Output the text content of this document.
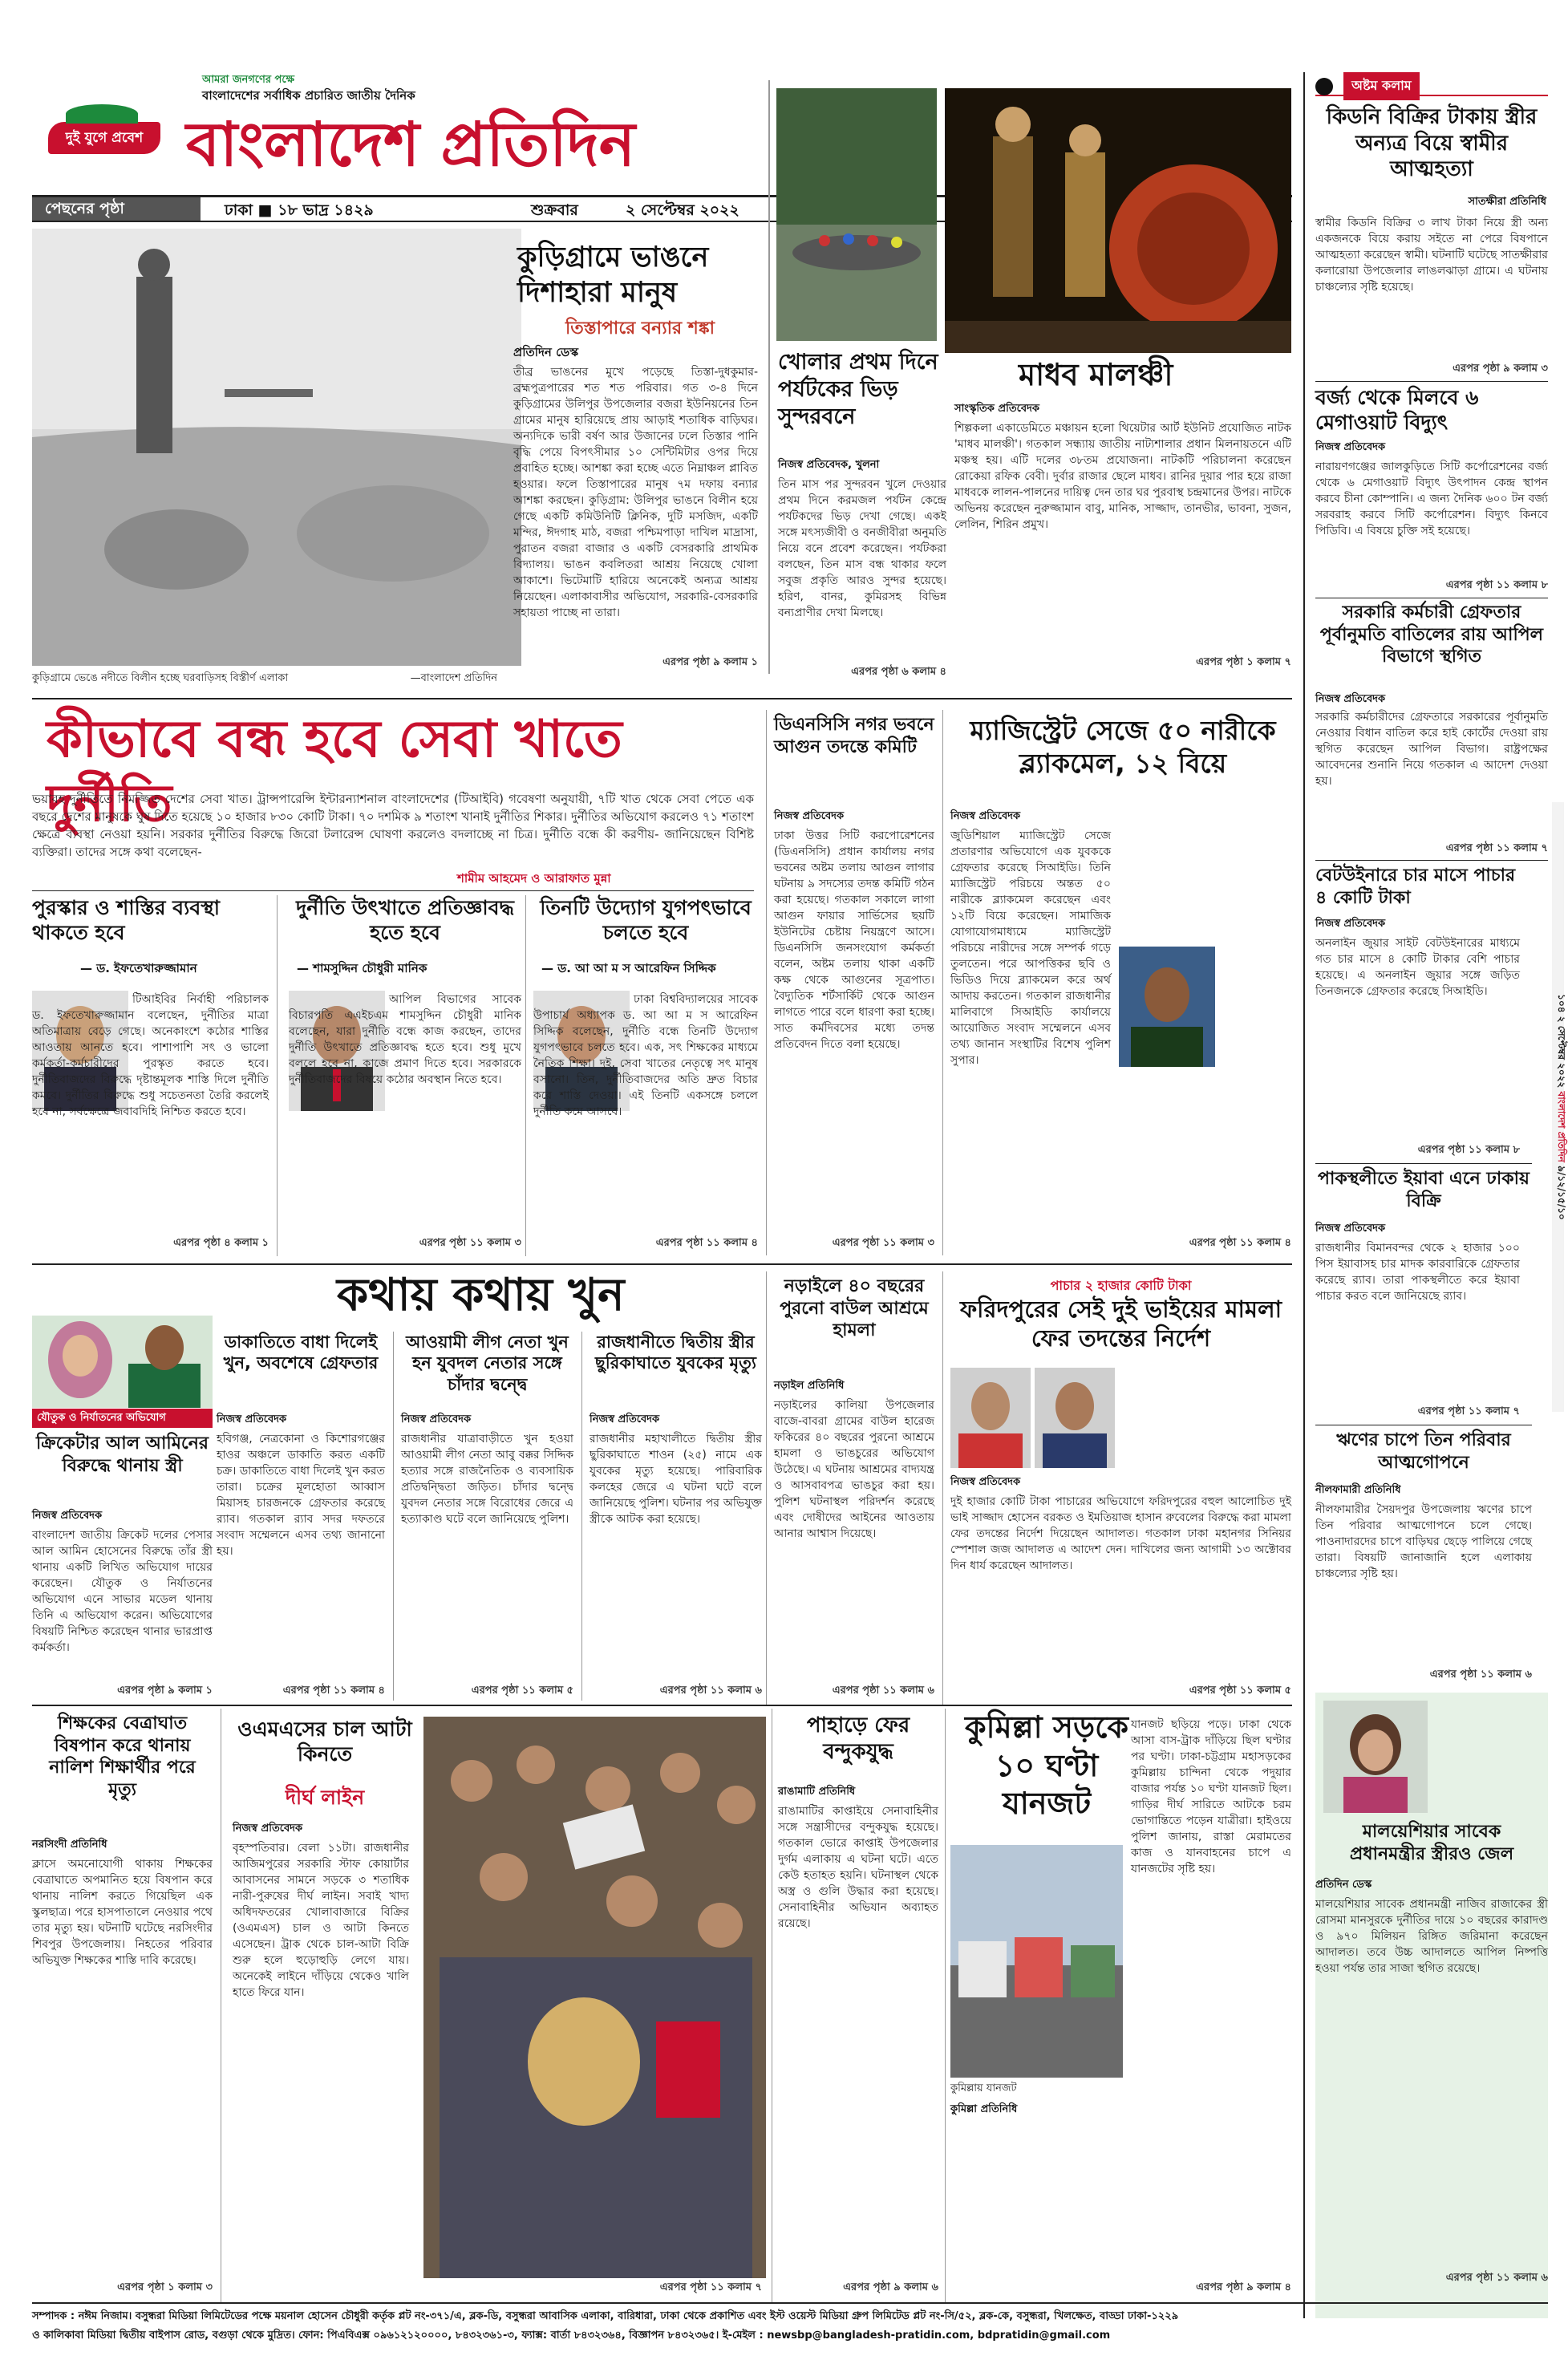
দুই যুগে প্রবেশ
আমরা জনগণের পক্ষে
বাংলাদেশের সর্বাধিক প্রচারিত জাতীয় দৈনিক
বাংলাদেশ প্রতিদিন
পেছনের পৃষ্ঠা	ঢাকা ■ ১৮ ভাদ্র ১৪২৯	শুক্রবার	২ সেপ্টেম্বর ২০২২
কুড়িগ্রামে ভেঙে নদীতে বিলীন হচ্ছে ঘরবাড়িসহ বিস্তীর্ণ এলাকা	—বাংলাদেশ প্রতিদিন
কুড়িগ্রামে ভাঙনে দিশাহারা মানুষ
তিস্তাপারে বন্যার শঙ্কা
প্রতিদিন ডেস্ক
তীব্র ভাঙনের মুখে পড়েছে তিস্তা-দুধকুমার-ব্রহ্মপুত্রপারের শত শত পরিবার। গত ৩-৪ দিনে কুড়িগ্রামের উলিপুর উপজেলার বজরা ইউনিয়নের তিন গ্রামের মানুষ হারিয়েছে প্রায় আড়াই শতাধিক বাড়িঘর। অন্যদিকে ভারী বর্ষণ আর উজানের ঢলে তিস্তার পানি বৃদ্ধি পেয়ে বিপৎসীমার ১০ সেন্টিমিটার ওপর দিয়ে প্রবাহিত হচ্ছে। আশঙ্কা করা হচ্ছে এতে নিম্নাঞ্চল প্লাবিত হওয়ার। ফলে তিস্তাপারের মানুষ ৭ম দফায় বন্যার আশঙ্কা করছেন। কুড়িগ্রাম: উলিপুর ভাঙনে বিলীন হয়ে গেছে একটি কমিউনিটি ক্লিনিক, দুটি মসজিদ, একটি মন্দির, ঈদগাহ মাঠ, বজরা পশ্চিমপাড়া দাখিল মাদ্রাসা, পুরাতন বজরা বাজার ও একটি বেসরকারি প্রাথমিক বিদ্যালয়। ভাঙন কবলিতরা আশ্রয় নিয়েছে খোলা আকাশে। ভিটেমাটি হারিয়ে অনেকেই অন্যত্র আশ্রয় নিয়েছেন। এলাকাবাসীর অভিযোগ, সরকারি-বেসরকারি সহায়তা পাচ্ছে না তারা।
এরপর পৃষ্ঠা ৯ কলাম ১
খোলার প্রথম দিনে পর্যটকের ভিড় সুন্দরবনে
নিজস্ব প্রতিবেদক, খুলনা
তিন মাস পর সুন্দরবন খুলে দেওয়ার প্রথম দিনে করমজল পর্যটন কেন্দ্রে পর্যটকদের ভিড় দেখা গেছে। একই সঙ্গে মৎস্যজীবী ও বনজীবীরা অনুমতি নিয়ে বনে প্রবেশ করেছেন। পর্যটকরা বলছেন, তিন মাস বন্ধ থাকার ফলে সবুজ প্রকৃতি আরও সুন্দর হয়েছে। হরিণ, বানর, কুমিরসহ বিভিন্ন বন্যপ্রাণীর দেখা মিলছে।
এরপর পৃষ্ঠা ৬ কলাম ৪
মাধব মালঞ্চী
সাংস্কৃতিক প্রতিবেদক
শিল্পকলা একাডেমিতে মঞ্চায়ন হলো থিয়েটার আর্ট ইউনিট প্রযোজিত নাটক 'মাধব মালঞ্চী'। গতকাল সন্ধ্যায় জাতীয় নাট্যশালার প্রধান মিলনায়তনে এটি মঞ্চস্থ হয়। এটি দলের ৩৮তম প্রযোজনা। নাটকটি পরিচালনা করেছেন রোকেয়া রফিক বেবী। দুর্বার রাজার ছেলে মাধব। রানির দুয়ার পার হয়ে রাজা মাধবকে লালন-পালনের দায়িত্ব দেন তার ঘর পুরবাস্থ চন্দ্রমানের উপর। নাটকে অভিনয় করেছেন নুরুজ্জামান বাবু, মানিক, সাজ্জাদ, তানভীর, ভাবনা, সুজন, লেলিন, শিরিন প্রমুখ।
এরপর পৃষ্ঠা ১ কলাম ৭
অষ্টম কলাম
কিডনি বিক্রির টাকায় স্ত্রীর অন্যত্র বিয়ে স্বামীর আত্মহত্যা
সাতক্ষীরা প্রতিনিধি
স্বামীর কিডনি বিক্রির ৩ লাখ টাকা নিয়ে স্ত্রী অন্য একজনকে বিয়ে করায় সইতে না পেরে বিষপানে আত্মহত্যা করেছেন স্বামী। ঘটনাটি ঘটেছে সাতক্ষীরার কলারোয়া উপজেলার লাঙলঝাড়া গ্রামে। এ ঘটনায় চাঞ্চল্যের সৃষ্টি হয়েছে।
এরপর পৃষ্ঠা ৯ কলাম ৩
বর্জ্য থেকে মিলবে ৬ মেগাওয়াট বিদ্যুৎ
নিজস্ব প্রতিবেদক
নারায়ণগঞ্জের জালকুড়িতে সিটি কর্পোরেশনের বর্জ্য থেকে ৬ মেগাওয়াট বিদ্যুৎ উৎপাদন কেন্দ্র স্থাপন করবে চীনা কোম্পানি। এ জন্য দৈনিক ৬০০ টন বর্জ্য সরবরাহ করবে সিটি কর্পোরেশন। বিদ্যুৎ কিনবে পিডিবি। এ বিষয়ে চুক্তি সই হয়েছে।
এরপর পৃষ্ঠা ১১ কলাম ৮
সরকারি কর্মচারী গ্রেফতার পূর্বানুমতি বাতিলের রায় আপিল বিভাগে স্থগিত
নিজস্ব প্রতিবেদক
সরকারি কর্মচারীদের গ্রেফতারে সরকারের পূর্বানুমতি নেওয়ার বিধান বাতিল করে হাই কোর্টের দেওয়া রায় স্থগিত করেছেন আপিল বিভাগ। রাষ্ট্রপক্ষের আবেদনের শুনানি নিয়ে গতকাল এ আদেশ দেওয়া হয়।
এরপর পৃষ্ঠা ১১ কলাম ৭
বেটউইনারে চার মাসে পাচার ৪ কোটি টাকা
নিজস্ব প্রতিবেদক
অনলাইন জুয়ার সাইট বেটউইনারের মাধ্যমে গত চার মাসে ৪ কোটি টাকার বেশি পাচার হয়েছে। এ অনলাইন জুয়ার সঙ্গে জড়িত তিনজনকে গ্রেফতার করেছে সিআইডি।
এরপর পৃষ্ঠা ১১ কলাম ৮
পাকস্থলীতে ইয়াবা এনে ঢাকায় বিক্রি
নিজস্ব প্রতিবেদক
রাজধানীর বিমানবন্দর থেকে ২ হাজার ১০০ পিস ইয়াবাসহ চার মাদক কারবারিকে গ্রেফতার করেছে র‍্যাব। তারা পাকস্থলীতে করে ইয়াবা পাচার করত বলে জানিয়েছে র‍্যাব।
এরপর পৃষ্ঠা ১১ কলাম ৭
ঋণের চাপে তিন পরিবার আত্মগোপনে
নীলফামারী প্রতিনিধি
নীলফামারীর সৈয়দপুর উপজেলায় ঋণের চাপে তিন পরিবার আত্মগোপনে চলে গেছে। পাওনাদারদের চাপে বাড়িঘর ছেড়ে পালিয়ে গেছে তারা। বিষয়টি জানাজানি হলে এলাকায় চাঞ্চল্যের সৃষ্টি হয়।
এরপর পৃষ্ঠা ১১ কলাম ৬
মালয়েশিয়ার সাবেক প্রধানমন্ত্রীর স্ত্রীরও জেল
প্রতিদিন ডেস্ক
মালয়েশিয়ার সাবেক প্রধানমন্ত্রী নাজিব রাজাকের স্ত্রী রোসমা মানসুরকে দুর্নীতির দায়ে ১০ বছরের কারাদণ্ড ও ৯৭০ মিলিয়ন রিঙ্গিত জরিমানা করেছেন আদালত। তবে উচ্চ আদালতে আপিল নিষ্পত্তি হওয়া পর্যন্ত তার সাজা স্থগিত রয়েছে।
এরপর পৃষ্ঠা ১১ কলাম ৬
১০৪ ২ সেপ্টেম্বর ২০২২ বাংলাদেশ প্রতিদিন ৯/১২/১৫/১০
কীভাবে বন্ধ হবে সেবা খাতে দুর্নীতি
ভয়াবহ দুর্নীতিতে নিমজ্জিত দেশের সেবা খাত। ট্রান্সপারেন্সি ইন্টারন্যাশনাল বাংলাদেশের (টিআইবি) গবেষণা অনুযায়ী, ৭টি খাত থেকে সেবা পেতে এক বছরে দেশের মানুষকে ঘুষ দিতে হয়েছে ১০ হাজার ৮৩০ কোটি টাকা। ৭০ দশমিক ৯ শতাংশ খানাই দুর্নীতির শিকার। দুর্নীতির অভিযোগ করলেও ৭১ শতাংশ ক্ষেত্রে ব্যবস্থা নেওয়া হয়নি। সরকার দুর্নীতির বিরুদ্ধে জিরো টলারেন্স ঘোষণা করলেও বদলাচ্ছে না চিত্র। দুর্নীতি বন্ধে কী করণীয়- জানিয়েছেন বিশিষ্ট ব্যক্তিরা। তাদের সঙ্গে কথা বলেছেন-
শামীম আহমেদ ও আরাফাত মুন্না
পুরস্কার ও শাস্তির ব্যবস্থা থাকতে হবে
— ড. ইফতেখারুজ্জামান
টিআইবির নির্বাহী পরিচালক ড. ইফতেখারুজ্জামান বলেছেন, দুর্নীতির মাত্রা অতিমাত্রায় বেড়ে গেছে। অনেকাংশে কঠোর শাস্তির আওতায় আনতে হবে। পাশাপাশি সৎ ও ভালো কর্মকর্তা-কর্মচারীদের পুরস্কৃত করতে হবে। দুর্নীতিবাজদের বিরুদ্ধে দৃষ্টান্তমূলক শাস্তি দিলে দুর্নীতি কমবে। দুর্নীতির বিরুদ্ধে শুধু সচেতনতা তৈরি করলেই হবে না, সর্বক্ষেত্রে জবাবদিহি নিশ্চিত করতে হবে।
এরপর পৃষ্ঠা ৪ কলাম ১
দুর্নীতি উৎখাতে প্রতিজ্ঞাবদ্ধ হতে হবে
— শামসুদ্দিন চৌধুরী মানিক
আপিল বিভাগের সাবেক বিচারপতি এএইচএম শামসুদ্দিন চৌধুরী মানিক বলেছেন, যারা দুর্নীতি বন্ধে কাজ করছেন, তাদের দুর্নীতি উৎখাতে প্রতিজ্ঞাবদ্ধ হতে হবে। শুধু মুখে বললে হবে না, কাজে প্রমাণ দিতে হবে। সরকারকে দুর্নীতিবাজদের বিষয়ে কঠোর অবস্থান নিতে হবে।
এরপর পৃষ্ঠা ১১ কলাম ৩
তিনটি উদ্যোগ যুগপৎভাবে চলতে হবে
— ড. আ আ ম স আরেফিন সিদ্দিক
ঢাকা বিশ্ববিদ্যালয়ের সাবেক উপাচার্য অধ্যাপক ড. আ আ ম স আরেফিন সিদ্দিক বলেছেন, দুর্নীতি বন্ধে তিনটি উদ্যোগ যুগপৎভাবে চলতে হবে। এক, সৎ শিক্ষকের মাধ্যমে নৈতিক শিক্ষা। দুই, সেবা খাতের নেতৃত্বে সৎ মানুষ বসানো। তিন, দুর্নীতিবাজদের অতি দ্রুত বিচার করে শাস্তি দেওয়া। এই তিনটি একসঙ্গে চললে দুর্নীতি কমে আসবে।
এরপর পৃষ্ঠা ১১ কলাম ৪
ডিএনসিসি নগর ভবনে আগুন তদন্তে কমিটি
নিজস্ব প্রতিবেদক
ঢাকা উত্তর সিটি করপোরেশনের (ডিএনসিসি) প্রধান কার্যালয় নগর ভবনের অষ্টম তলায় আগুন লাগার ঘটনায় ৯ সদস্যের তদন্ত কমিটি গঠন করা হয়েছে। গতকাল সকালে লাগা আগুন ফায়ার সার্ভিসের ছয়টি ইউনিটের চেষ্টায় নিয়ন্ত্রণে আসে। ডিএনসিসি জনসংযোগ কর্মকর্তা বলেন, অষ্টম তলায় থাকা একটি কক্ষ থেকে আগুনের সূত্রপাত। বৈদ্যুতিক শর্টসার্কিট থেকে আগুন লাগতে পারে বলে ধারণা করা হচ্ছে। সাত কর্মদিবসের মধ্যে তদন্ত প্রতিবেদন দিতে বলা হয়েছে।
এরপর পৃষ্ঠা ১১ কলাম ৩
ম্যাজিস্ট্রেট সেজে ৫০ নারীকে ব্ল্যাকমেল, ১২ বিয়ে
নিজস্ব প্রতিবেদক
জুডিশিয়াল ম্যাজিস্ট্রেট সেজে প্রতারণার অভিযোগে এক যুবককে গ্রেফতার করেছে সিআইডি। তিনি ম্যাজিস্ট্রেট পরিচয়ে অন্তত ৫০ নারীকে ব্ল্যাকমেল করেছেন এবং ১২টি বিয়ে করেছেন। সামাজিক যোগাযোগমাধ্যমে ম্যাজিস্ট্রেট পরিচয়ে নারীদের সঙ্গে সম্পর্ক গড়ে তুলতেন। পরে আপত্তিকর ছবি ও ভিডিও দিয়ে ব্ল্যাকমেল করে অর্থ আদায় করতেন। গতকাল রাজধানীর মালিবাগে সিআইডি কার্যালয়ে আয়োজিত সংবাদ সম্মেলনে এসব তথ্য জানান সংস্থাটির বিশেষ পুলিশ সুপার।
এরপর পৃষ্ঠা ১১ কলাম ৪
কথায় কথায় খুন
ডাকাতিতে বাধা দিলেই খুন, অবশেষে গ্রেফতার
নিজস্ব প্রতিবেদক
হবিগঞ্জ, নেত্রকোনা ও কিশোরগঞ্জের হাওর অঞ্চলে ডাকাতি করত একটি চক্র। ডাকাতিতে বাধা দিলেই খুন করত তারা। চক্রের মূলহোতা আব্বাস মিয়াসহ চারজনকে গ্রেফতার করেছে র‍্যাব। গতকাল র‍্যাব সদর দফতরে সংবাদ সম্মেলনে এসব তথ্য জানানো হয়।
এরপর পৃষ্ঠা ১১ কলাম ৪
আওয়ামী লীগ নেতা খুন হন যুবদল নেতার সঙ্গে চাঁদার দ্বন্দ্বে
নিজস্ব প্রতিবেদক
রাজধানীর যাত্রাবাড়ীতে খুন হওয়া আওয়ামী লীগ নেতা আবু বক্কর সিদ্দিক হত্যার সঙ্গে রাজনৈতিক ও ব্যবসায়িক প্রতিদ্বন্দ্বিতা জড়িত। চাঁদার দ্বন্দ্বে যুবদল নেতার সঙ্গে বিরোধের জেরে এ হত্যাকাণ্ড ঘটে বলে জানিয়েছে পুলিশ।
এরপর পৃষ্ঠা ১১ কলাম ৫
রাজধানীতে দ্বিতীয় স্ত্রীর ছুরিকাঘাতে যুবকের মৃত্যু
নিজস্ব প্রতিবেদক
রাজধানীর মহাখালীতে দ্বিতীয় স্ত্রীর ছুরিকাঘাতে শাওন (২৫) নামে এক যুবকের মৃত্যু হয়েছে। পারিবারিক কলহের জেরে এ ঘটনা ঘটে বলে জানিয়েছে পুলিশ। ঘটনার পর অভিযুক্ত স্ত্রীকে আটক করা হয়েছে।
এরপর পৃষ্ঠা ১১ কলাম ৬
যৌতুক ও নির্যাতনের অভিযোগ
ক্রিকেটার আল আমিনের বিরুদ্ধে থানায় স্ত্রী
নিজস্ব প্রতিবেদক
বাংলাদেশ জাতীয় ক্রিকেট দলের পেসার আল আমিন হোসেনের বিরুদ্ধে তাঁর স্ত্রী থানায় একটি লিখিত অভিযোগ দায়ের করেছেন। যৌতুক ও নির্যাতনের অভিযোগ এনে সাভার মডেল থানায় তিনি এ অভিযোগ করেন। অভিযোগের বিষয়টি নিশ্চিত করেছেন থানার ভারপ্রাপ্ত কর্মকর্তা।
এরপর পৃষ্ঠা ৯ কলাম ১
নড়াইলে ৪০ বছরের পুরনো বাউল আশ্রমে হামলা
নড়াইল প্রতিনিধি
নড়াইলের কালিয়া উপজেলার বাজে-বাবরা গ্রামের বাউল হারেজ ফকিরের ৪০ বছরের পুরনো আশ্রমে হামলা ও ভাঙচুরের অভিযোগ উঠেছে। এ ঘটনায় আশ্রমের বাদ্যযন্ত্র ও আসবাবপত্র ভাঙচুর করা হয়। পুলিশ ঘটনাস্থল পরিদর্শন করেছে এবং দোষীদের আইনের আওতায় আনার আশ্বাস দিয়েছে।
এরপর পৃষ্ঠা ১১ কলাম ৬
পাচার ২ হাজার কোটি টাকা
ফরিদপুরের সেই দুই ভাইয়ের মামলা ফের তদন্তের নির্দেশ
নিজস্ব প্রতিবেদক
দুই হাজার কোটি টাকা পাচারের অভিযোগে ফরিদপুরের বহুল আলোচিত দুই ভাই সাজ্জাদ হোসেন বরকত ও ইমতিয়াজ হাসান রুবেলের বিরুদ্ধে করা মামলা ফের তদন্তের নির্দেশ দিয়েছেন আদালত। গতকাল ঢাকা মহানগর সিনিয়র স্পেশাল জজ আদালত এ আদেশ দেন। দাখিলের জন্য আগামী ১৩ অক্টোবর দিন ধার্য করেছেন আদালত।
এরপর পৃষ্ঠা ১১ কলাম ৫
শিক্ষকের বেত্রাঘাত বিষপান করে থানায় নালিশ শিক্ষার্থীর পরে মৃত্যু
নরসিংদী প্রতিনিধি
ক্লাসে অমনোযোগী থাকায় শিক্ষকের বেত্রাঘাতে অপমানিত হয়ে বিষপান করে থানায় নালিশ করতে গিয়েছিল এক স্কুলছাত্র। পরে হাসপাতালে নেওয়ার পথে তার মৃত্যু হয়। ঘটনাটি ঘটেছে নরসিংদীর শিবপুর উপজেলায়। নিহতের পরিবার অভিযুক্ত শিক্ষকের শাস্তি দাবি করেছে।
এরপর পৃষ্ঠা ১ কলাম ৩
ওএমএসের চাল আটা কিনতে
দীর্ঘ লাইন
নিজস্ব প্রতিবেদক
বৃহস্পতিবার। বেলা ১১টা। রাজধানীর আজিমপুরের সরকারি স্টাফ কোয়ার্টার আবাসনের সামনে সড়কে ৩ শতাধিক নারী-পুরুষের দীর্ঘ লাইন। সবাই খাদ্য অধিদফতরের খোলাবাজারে বিক্রির (ওএমএস) চাল ও আটা কিনতে এসেছেন। ট্রাক থেকে চাল-আটা বিক্রি শুরু হলে হুড়োহুড়ি লেগে যায়। অনেকেই লাইনে দাঁড়িয়ে থেকেও খালি হাতে ফিরে যান।
এরপর পৃষ্ঠা ১১ কলাম ৭
পাহাড়ে ফের বন্দুকযুদ্ধ
রাঙামাটি প্রতিনিধি
রাঙামাটির কাপ্তাইয়ে সেনাবাহিনীর সঙ্গে সন্ত্রাসীদের বন্দুকযুদ্ধ হয়েছে। গতকাল ভোরে কাপ্তাই উপজেলার দুর্গম এলাকায় এ ঘটনা ঘটে। এতে কেউ হতাহত হয়নি। ঘটনাস্থল থেকে অস্ত্র ও গুলি উদ্ধার করা হয়েছে। সেনাবাহিনীর অভিযান অব্যাহত রয়েছে।
এরপর পৃষ্ঠা ৯ কলাম ৬
কুমিল্লা সড়কে ১০ ঘণ্টা যানজট
কুমিল্লায় যানজট
যানজট ছড়িয়ে পড়ে। ঢাকা থেকে আসা বাস-ট্রাক দাঁড়িয়ে ছিল ঘণ্টার পর ঘণ্টা। ঢাকা-চট্টগ্রাম মহাসড়কের কুমিল্লায় চান্দিনা থেকে পদুয়ার বাজার পর্যন্ত ১০ ঘণ্টা যানজট ছিল। গাড়ির দীর্ঘ সারিতে আটকে চরম ভোগান্তিতে পড়েন যাত্রীরা। হাইওয়ে পুলিশ জানায়, রাস্তা মেরামতের কাজ ও যানবাহনের চাপে এ যানজটের সৃষ্টি হয়।
কুমিল্লা প্রতিনিধি
এরপর পৃষ্ঠা ৯ কলাম ৪
সম্পাদক : নঈম নিজাম। বসুন্ধরা মিডিয়া লিমিটেডের পক্ষে ময়নাল হোসেন চৌধুরী কর্তৃক প্লট নং-৩৭১/এ, ব্লক-ডি, বসুন্ধরা আবাসিক এলাকা, বারিধারা, ঢাকা থেকে প্রকাশিত এবং ইস্ট ওয়েস্ট মিডিয়া গ্রুপ লিমিটেড প্লট নং-সি/৫২, ব্লক-কে, বসুন্ধরা, খিলক্ষেত, বাড্ডা ঢাকা-১২২৯
ও কালিকাবা মিডিয়া দ্বিতীয় বাইপাস রোড, বগুড়া থেকে মুদ্রিত। ফোন: পিএবিএক্স ০৯৬১২১২০০০০, ৮৪৩২৩৬১-৩, ফ্যাক্স: বার্তা ৮৪৩২৩৬৪, বিজ্ঞাপন ৮৪৩২৩৬৫। ই-মেইল : newsbp@bangladesh-pratidin.com, bdpratidin@gmail.com
